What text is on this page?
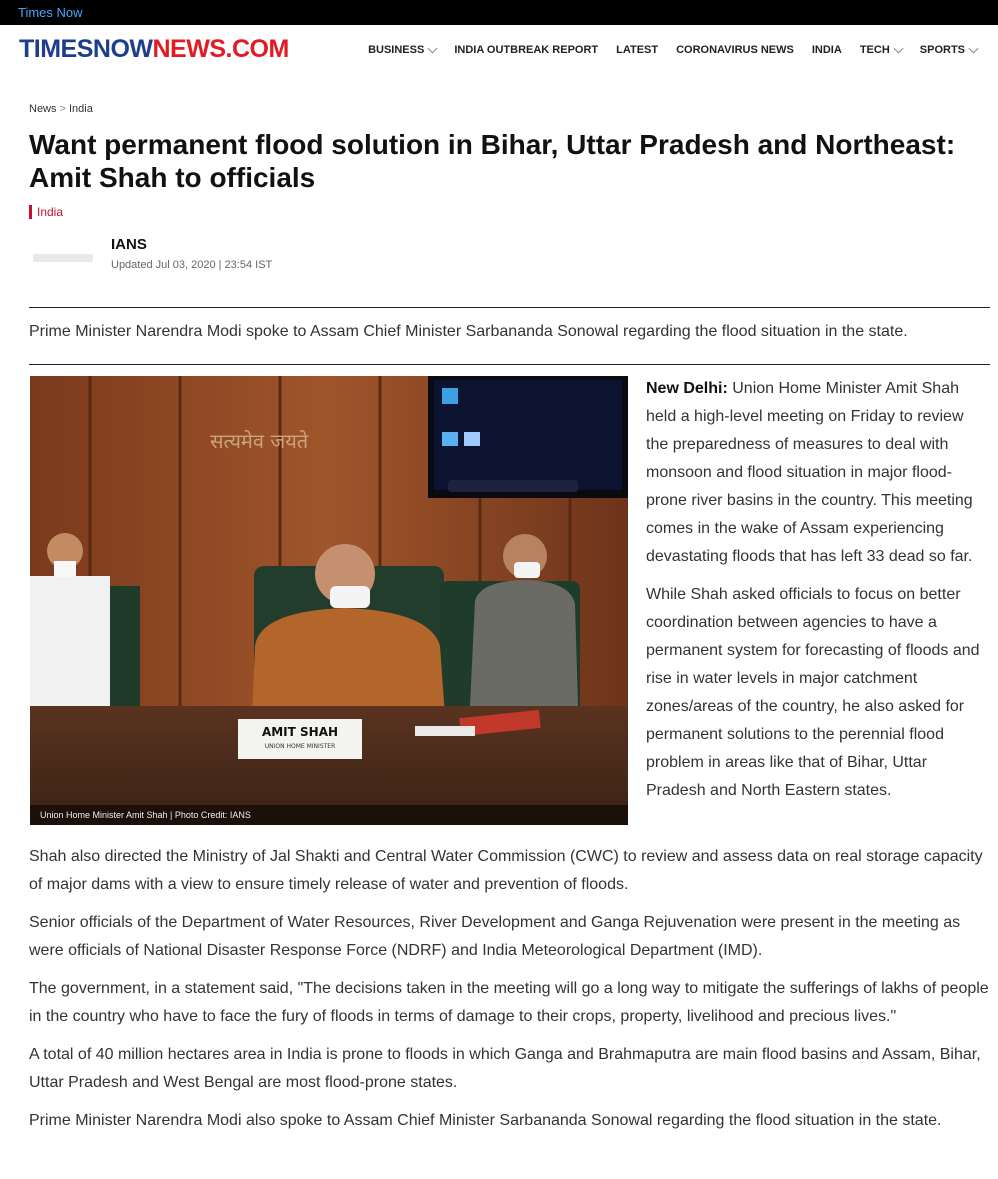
Times Now
TIMESNOWNEWS.COM	BUSINESS	INDIA OUTBREAK REPORT LATEST CORONAVIRUS NEWS INDIA TECH	SPORTS
News > India
Want permanent flood solution in Bihar, Uttar Pradesh and Northeast: Amit Shah to officials
India
IANS
Updated Jul 03, 2020 | 23:54 IST
Prime Minister Narendra Modi spoke to Assam Chief Minister Sarbananda Sonowal regarding the flood situation in the state.
सत्यमेव जयते
AMIT SHAH
UNION HOME MINISTER
Union Home Minister Amit Shah | Photo Credit: IANS

New Delhi: Union Home Minister Amit Shah held a high-level meeting on Friday to review the preparedness of measures to deal with monsoon and flood situation in major flood-prone river basins in the country. This meeting comes in the wake of Assam experiencing devastating floods that has left 33 dead so far.

While Shah asked officials to focus on better coordination between agencies to have a permanent system for forecasting of floods and rise in water levels in major catchment zones/areas of the country, he also asked for permanent solutions to the perennial flood problem in areas like that of Bihar, Uttar Pradesh and North Eastern states.

Shah also directed the Ministry of Jal Shakti and Central Water Commission (CWC) to review and assess data on real storage capacity of major dams with a view to ensure timely release of water and prevention of floods.

Senior officials of the Department of Water Resources, River Development and Ganga Rejuvenation were present in the meeting as were officials of National Disaster Response Force (NDRF) and India Meteorological Department (IMD).

The government, in a statement said, "The decisions taken in the meeting will go a long way to mitigate the sufferings of lakhs of people in the country who have to face the fury of floods in terms of damage to their crops, property, livelihood and precious lives."

A total of 40 million hectares area in India is prone to floods in which Ganga and Brahmaputra are main flood basins and Assam, Bihar, Uttar Pradesh and West Bengal are most flood-prone states.

Prime Minister Narendra Modi also spoke to Assam Chief Minister Sarbananda Sonowal regarding the flood situation in the state.
